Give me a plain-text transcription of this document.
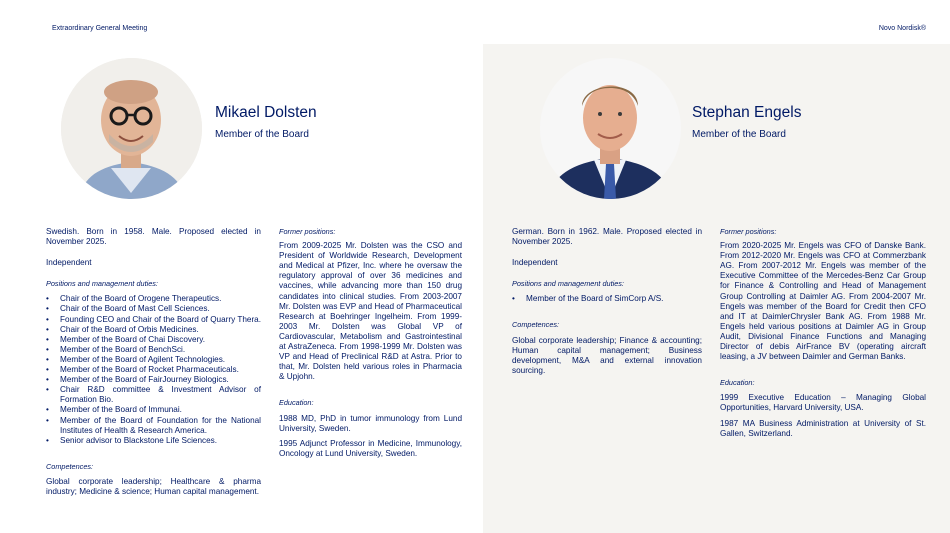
Extraordinary General Meeting	Novo Nordisk®
Mikael Dolsten
Member of the Board
Swedish. Born in 1958. Male. Proposed elected in November 2025.
Independent
Positions and management duties:
• Chair of the Board of Orogene Therapeutics.
• Chair of the Board of Mast Cell Sciences.
• Founding CEO and Chair of the Board of Quarry Thera.
• Chair of the Board of Orbis Medicines.
• Member of the Board of Chai Discovery.
• Member of the Board of BenchSci.
• Member of the Board of Agilent Technologies.
• Member of the Board of Rocket Pharmaceuticals.
• Member of the Board of FairJourney Biologics.
• Chair R&D committee & Investment Advisor of Formation Bio.
• Member of the Board of Immunai.
• Member of the Board of Foundation for the National Institutes of Health & Research America.
• Senior advisor to Blackstone Life Sciences.
Competences:
Global corporate leadership; Healthcare & pharma industry; Medicine & science; Human capital management.
Former positions:
From 2009-2025 Mr. Dolsten was the CSO and President of Worldwide Research, Development and Medical at Pfizer, Inc. where he oversaw the regulatory approval of over 36 medicines and vaccines, while advancing more than 150 drug candidates into clinical studies. From 2003-2007 Mr. Dolsten was EVP and Head of Pharmaceutical Research at Boehringer Ingelheim. From 1999-2003 Mr. Dolsten was Global VP of Cardiovascular, Metabolism and Gastrointestinal at AstraZeneca. From 1998-1999 Mr. Dolsten was VP and Head of Preclinical R&D at Astra. Prior to that, Mr. Dolsten held various roles in Pharmacia & Upjohn.
Education:
1988 MD, PhD in tumor immunology from Lund University, Sweden.
1995 Adjunct Professor in Medicine, Immunology, Oncology at Lund University, Sweden.
Stephan Engels
Member of the Board
German. Born in 1962. Male. Proposed elected in November 2025.
Independent
Positions and management duties:
• Member of the Board of SimCorp A/S.
Competences:
Global corporate leadership; Finance & accounting; Human capital management; Business development, M&A and external innovation sourcing.
Former positions:
From 2020-2025 Mr. Engels was CFO of Danske Bank. From 2012-2020 Mr. Engels was CFO at Commerzbank AG. From 2007-2012 Mr. Engels was member of the Executive Committee of the Mercedes-Benz Car Group for Finance & Controlling and Head of Management Group Controlling at Daimler AG. From 2004-2007 Mr. Engels was member of the Board for Credit then CFO and IT at DaimlerChrysler Bank AG. From 1988 Mr. Engels held various positions at Daimler AG in Group Audit, Divisional Finance Functions and Managing Director of debis AirFrance BV (operating aircraft leasing, a JV between Daimler and German Banks.
Education:
1999 Executive Education – Managing Global Opportunities, Harvard University, USA.
1987 MA Business Administration at University of St. Gallen, Switzerland.
